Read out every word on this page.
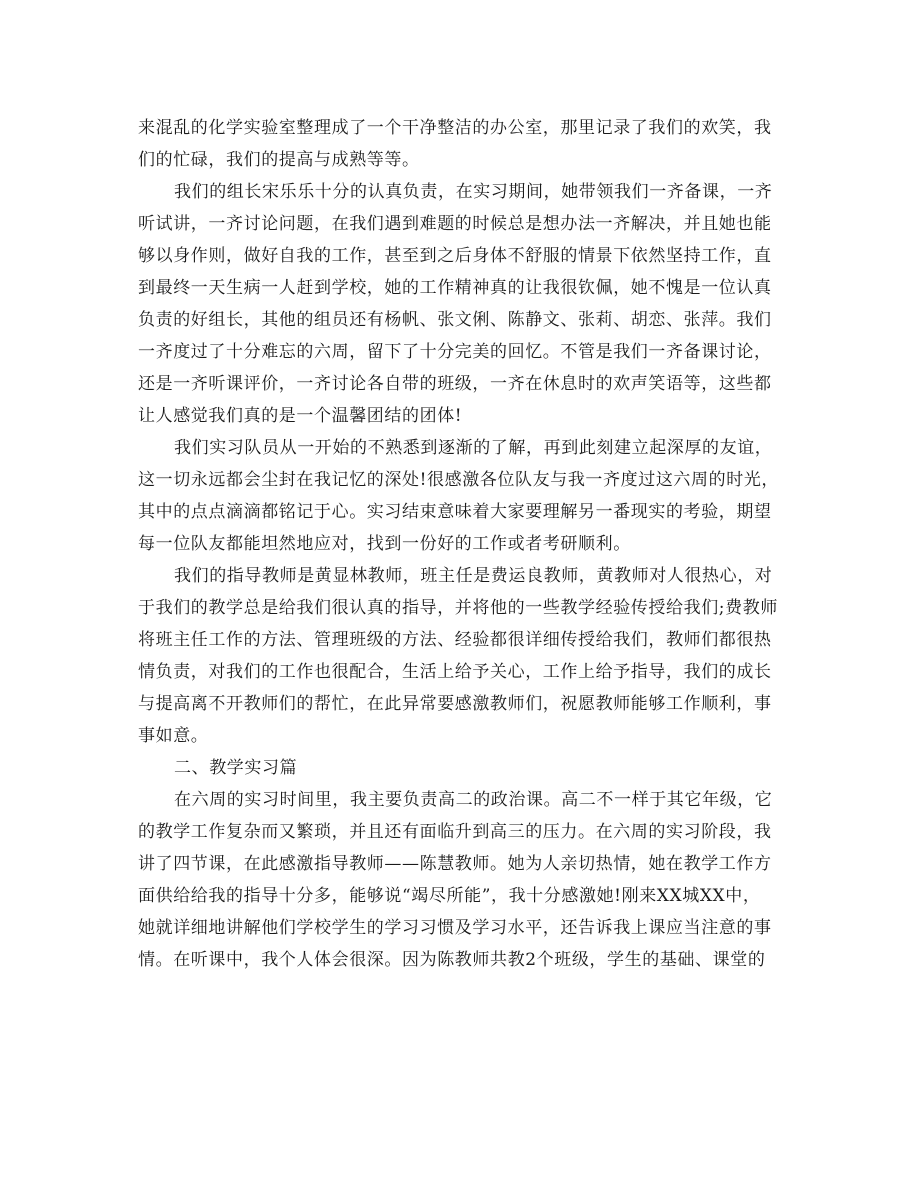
来混乱的化学实验室整理成了一个干净整洁的办公室，那里记录了我们的欢笑，我
们的忙碌，我们的提高与成熟等等。
我们的组长宋乐乐十分的认真负责，在实习期间，她带领我们一齐备课，一齐
听试讲，一齐讨论问题，在我们遇到难题的时候总是想办法一齐解决，并且她也能
够以身作则，做好自我的工作，甚至到之后身体不舒服的情景下依然坚持工作，直
到最终一天生病一人赶到学校，她的工作精神真的让我很钦佩，她不愧是一位认真
负责的好组长，其他的组员还有杨帆、张文俐、陈静文、张莉、胡恋、张萍。我们
一齐度过了十分难忘的六周，留下了十分完美的回忆。不管是我们一齐备课讨论，
还是一齐听课评价，一齐讨论各自带的班级，一齐在休息时的欢声笑语等，这些都
让人感觉我们真的是一个温馨团结的团体!
我们实习队员从一开始的不熟悉到逐渐的了解，再到此刻建立起深厚的友谊，
这一切永远都会尘封在我记忆的深处!很感激各位队友与我一齐度过这六周的时光，
其中的点点滴滴都铭记于心。实习结束意味着大家要理解另一番现实的考验，期望
每一位队友都能坦然地应对，找到一份好的工作或者考研顺利。
我们的指导教师是黄显林教师，班主任是费运良教师，黄教师对人很热心，对
于我们的教学总是给我们很认真的指导，并将他的一些教学经验传授给我们;费教师
将班主任工作的方法、管理班级的方法、经验都很详细传授给我们，教师们都很热
情负责，对我们的工作也很配合，生活上给予关心，工作上给予指导，我们的成长
与提高离不开教师们的帮忙，在此异常要感激教师们，祝愿教师能够工作顺利，事
事如意。
二、教学实习篇
在六周的实习时间里，我主要负责高二的政治课。高二不一样于其它年级，它
的教学工作复杂而又繁琐，并且还有面临升到高三的压力。在六周的实习阶段，我
讲了四节课，在此感激指导教师——陈慧教师。她为人亲切热情，她在教学工作方
面供给给我的指导十分多，能够说“竭尽所能”，我十分感激她!刚来XX城XX中，
她就详细地讲解他们学校学生的学习习惯及学习水平，还告诉我上课应当注意的事
情。在听课中，我个人体会很深。因为陈教师共教2个班级，学生的基础、课堂的
